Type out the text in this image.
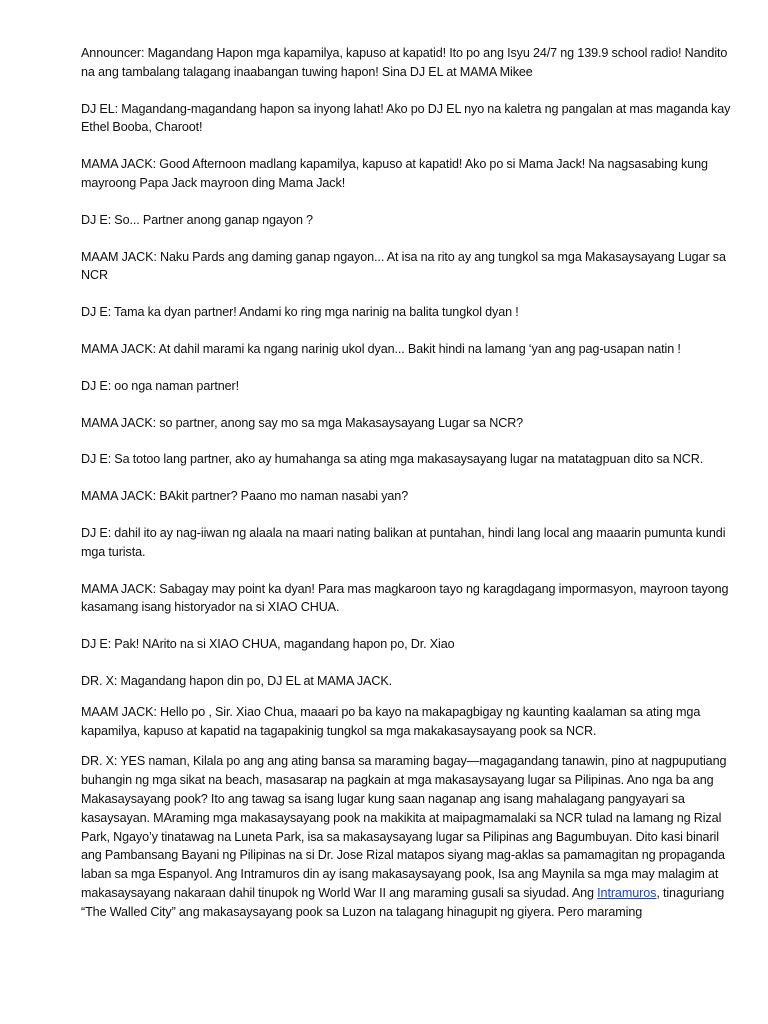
Announcer: Magandang Hapon mga kapamilya, kapuso at kapatid! Ito po ang Isyu 24/7 ng 139.9 school radio! Nandito na ang tambalang talagang inaabangan tuwing hapon! Sina DJ EL at MAMA Mikee

DJ EL: Magandang-magandang hapon sa inyong lahat! Ako po DJ EL nyo na kaletra ng pangalan at mas maganda kay Ethel Booba, Charoot!

MAMA JACK: Good Afternoon madlang kapamilya, kapuso at kapatid! Ako po si Mama Jack! Na nagsasabing kung mayroong Papa Jack mayroon ding Mama Jack!

DJ E: So... Partner anong ganap ngayon ?

MAAM JACK: Naku Pards ang daming ganap ngayon... At isa na rito ay ang tungkol sa mga Makasaysayang Lugar sa NCR

DJ E: Tama ka dyan partner! Andami ko ring mga narinig na balita tungkol dyan !

MAMA JACK: At dahil marami ka ngang narinig ukol dyan... Bakit hindi na lamang ‘yan ang pag-usapan natin !

DJ E: oo nga naman partner!

MAMA JACK: so partner, anong say mo sa mga Makasaysayang Lugar sa NCR?

DJ E: Sa totoo lang partner, ako ay humahanga sa ating mga makasaysayang lugar na matatagpuan dito sa NCR.

MAMA JACK: BAkit partner? Paano mo naman nasabi yan?

DJ E: dahil ito ay nag-iiwan ng alaala na maari nating balikan at puntahan, hindi lang local ang maaarin pumunta kundi mga turista.

MAMA JACK: Sabagay may point ka dyan! Para mas magkaroon tayo ng karagdagang impormasyon, mayroon tayong kasamang isang historyador na si XIAO CHUA.

DJ E: Pak! NArito na si XIAO CHUA, magandang hapon po, Dr. Xiao

DR. X: Magandang hapon din po, DJ EL at MAMA JACK.

MAAM JACK: Hello po , Sir. Xiao Chua, maaari po ba kayo na makapagbigay ng kaunting kaalaman sa ating mga kapamilya, kapuso at kapatid na tagapakinig tungkol sa mga makakasaysayang pook sa NCR.

DR. X: YES naman, Kilala po ang ang ating bansa sa maraming bagay—magagandang tanawin, pino at nagpuputiang buhangin ng mga sikat na beach, masasarap na pagkain at mga makasaysayang lugar sa Pilipinas. Ano nga ba ang Makasaysayang pook? Ito ang tawag sa isang lugar kung saan naganap ang isang mahalagang pangyayari sa kasaysayan. MAraming mga makasaysayang pook na makikita at maipagmamalaki sa NCR tulad na lamang ng Rizal Park, Ngayo’y tinatawag na Luneta Park, isa sa makasaysayang lugar sa Pilipinas ang Bagumbuyan. Dito kasi binaril ang Pambansang Bayani ng Pilipinas na si Dr. Jose Rizal matapos siyang mag-aklas sa pamamagitan ng propaganda laban sa mga Espanyol. Ang Intramuros din ay isang makasaysayang pook, Isa ang Maynila sa mga may malagim at makasaysayang nakaraan dahil tinupok ng World War II ang maraming gusali sa siyudad. Ang Intramuros, tinaguriang “The Walled City” ang makasaysayang pook sa Luzon na talagang hinagupit ng giyera. Pero maraming
